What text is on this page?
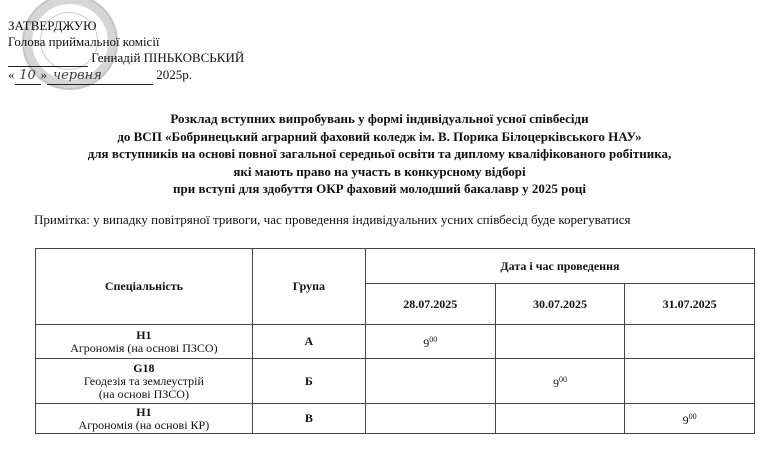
ЗАТВЕРДЖУЮ
Голова приймальної комісії
Геннадій ПІНЬКОВСЬКИЙ
« 10 » червня	2025р.
Розклад вступних випробувань у формі індивідуальної усної співбесіди
до ВСП «Бобринецький аграрний фаховий коледж ім. В. Порика Білоцерківського НАУ»
для вступників на основі повної загальної середньої освіти та диплому кваліфікованого робітника,
які мають право на участь в конкурсному відборі
при вступі для здобуття ОКР фаховий молодший бакалавр у 2025 році
Примітка: у випадку повітряної тривоги, час проведення індивідуальних усних співбесід буде корегуватися
Спеціальність	Група	Дата і час проведення		
		28.07.2025	30.07.2025	31.07.2025

Н1
Агрономія (на основі ПЗСО)	А	$9^{00}$		

G18
Геодезія та землеустрій
(на основі ПЗСО)	Б		$9^{00}$	

Н1
Агрономія (на основі КР)	В			$9^{00}$
